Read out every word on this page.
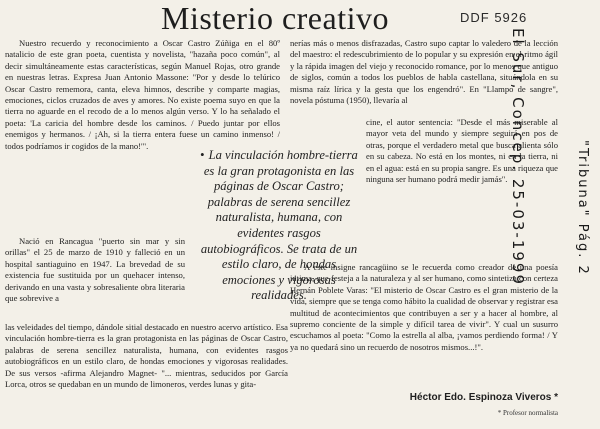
Misterio creativo	DDF 5926

Nuestro recuerdo y reconocimiento a Oscar Castro Zúñiga en el 80º natalicio de este gran poeta, cuentista y novelista, "hazaña poco común", al decir simultáneamente estas características, según Manuel Rojas, otro grande en nuestras letras. Expresa Juan Antonio Massone: "Por y desde lo telúrico Oscar Castro rememora, canta, eleva himnos, describe y comparte magias, emociones, ciclos cruzados de aves y amores. No existe poema suyo en que la tierra no aguarde en el recodo de a lo menos algún verso. Y lo ha señalado el poeta: 'La caricia del hombre desde los caminos. / Puedo juntar por ellos enemigos y hermanos. / ¡Ah, si la tierra entera fuese un camino inmenso! / todos podríamos ir cogidos de la mano!'".

Nació en Rancagua "puerto sin mar y sin orillas" el 25 de marzo de 1910 y falleció en un hospital santiaguino en 1947. La brevedad de su existencia fue sustituida por un quehacer intenso, derivando en una vasta y sobresaliente obra literaria que sobrevive a

las veleidades del tiempo, dándole sitial destacado en nuestro acervo artístico. Esa vinculación hombre-tierra es la gran protagonista en las páginas de Oscar Castro, palabras de serena sencillez naturalista, humana, con evidentes rasgos autobiográficos en un estilo claro, de hondas emociones y vigorosas realidades. De sus versos -afirma Alejandro Magnet- "... mientras, seducidos por García Lorca, otros se quedaban en un mundo de limoneros, verdes lunas y gita-

• La vinculación hombre-tierra es la gran protagonista en las páginas de Oscar Castro; palabras de serena sencillez naturalista, humana, con evidentes rasgos autobiográficos. Se trata de un estilo claro, de hondas emociones y vigorosas realidades.

nerías más o menos disfrazadas, Castro supo captar lo valedero de la lección del maestro: el redescubrimiento de lo popular y su expresión en el ritmo ágil y la rápida imagen del viejo y reconocido romance, por lo menos que antiguo de siglos, común a todos los pueblos de habla castellana, situándola en su misma raíz lírica y la gesta que los engendró". En "Llampo de sangre", novela póstuma (1950), llevaría al

cine, el autor sentencia: "Desde el más miserable al mayor veta del mundo y siempre seguirá en pos de otras, porque el verdadero metal que busca alienta sólo en su cabeza. No está en los montes, ni en la tierra, ni en el agua: está en su propia sangre. Es una riqueza que ninguna ser humano podrá medir jamás".

A este insigne rancagüino se le recuerda como creador de una poesía intima, que festeja a la naturaleza y al ser humano, como sintetiza con certeza Hernán Poblete Varas: "El misterio de Oscar Castro es el gran misterio de la vida, siempre que se tenga como hábito la cualidad de observar y registrar esa multitud de acontecimientos que contribuyen a ser y a hacer al hombre, al supremo conciente de la simple y difícil tarea de vivir". Y cual un susurro escuchamos al poeta: "Como la estrella al alba, ¡vamos perdiendo forma! / Y ya no quedará sino un recuerdo de nosotros mismos...!".

Héctor Edo. Espinoza Viveros *
* Profesor normalista
El Sur, Concep. 25-03-1999	"Tribuna" Pág. 2
